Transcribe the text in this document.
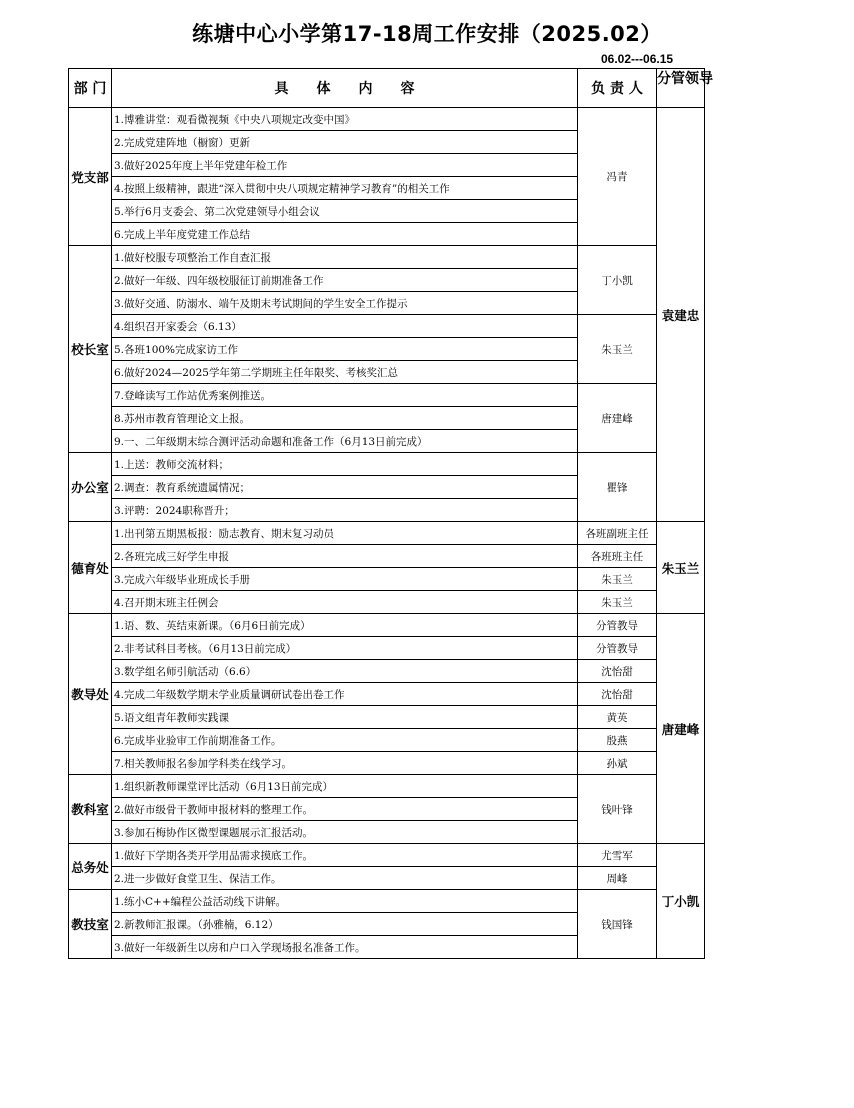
练塘中心小学第17-18周工作安排（2025.02）
06.02---06.15
部 门	具　　体　　内　　容	负 责 人	分管领导

党支部	1.博雅讲堂：观看微视频《中央八项规定改变中国》	冯青	袁建忠
	2.完成党建阵地（橱窗）更新		
	3.做好2025年度上半年党建年检工作		
	4.按照上级精神，跟进“深入贯彻中央八项规定精神学习教育”的相关工作		
	5.举行6月支委会、第二次党建领导小组会议		
	6.完成上半年度党建工作总结		
校长室	1.做好校服专项整治工作自查汇报	丁小凯	
	2.做好一年级、四年级校服征订前期准备工作		
	3.做好交通、防溺水、端午及期末考试期间的学生安全工作提示		
	4.组织召开家委会（6.13）	朱玉兰	
	5.各班100%完成家访工作		
	6.做好2024—2025学年第二学期班主任年限奖、考核奖汇总		
	7.登峰读写工作站优秀案例推送。	唐建峰	
	8.苏州市教育管理论文上报。		
	9.一、二年级期末综合测评活动命题和准备工作（6月13日前完成）		
办公室	1.上送：教师交流材料；	瞿锋	
	2.调查：教育系统遗属情况；		
	3.评聘：2024职称晋升；		
德育处	1.出刊第五期黑板报：励志教育、期末复习动员	各班副班主任	朱玉兰
	2.各班完成三好学生申报	各班班主任	
	3.完成六年级毕业班成长手册	朱玉兰	
	4.召开期末班主任例会	朱玉兰	
教导处	1.语、数、英结束新课。（6月6日前完成）	分管教导	唐建峰
	2.非考试科目考核。（6月13日前完成）	分管教导	
	3.数学组名师引航活动（6.6）	沈怡甜	
	4.完成二年级数学期末学业质量调研试卷出卷工作	沈怡甜	
	5.语文组青年教师实践课	黄英	
	6.完成毕业验审工作前期准备工作。	殷燕	
	7.相关教师报名参加学科类在线学习。	孙斌	
教科室	1.组织新教师课堂评比活动（6月13日前完成）	钱叶锋	
	2.做好市级骨干教师申报材料的整理工作。		
	3.参加石梅协作区微型课题展示汇报活动。		
总务处	1.做好下学期各类开学用品需求摸底工作。	尤雪军	丁小凯
	2.进一步做好食堂卫生、保洁工作。	周峰	
教技室	1.练小C++编程公益活动线下讲解。	钱国锋	
	2.新教师汇报课。（孙雅楠，6.12）		
	3.做好一年级新生以房和户口入学现场报名准备工作。		
